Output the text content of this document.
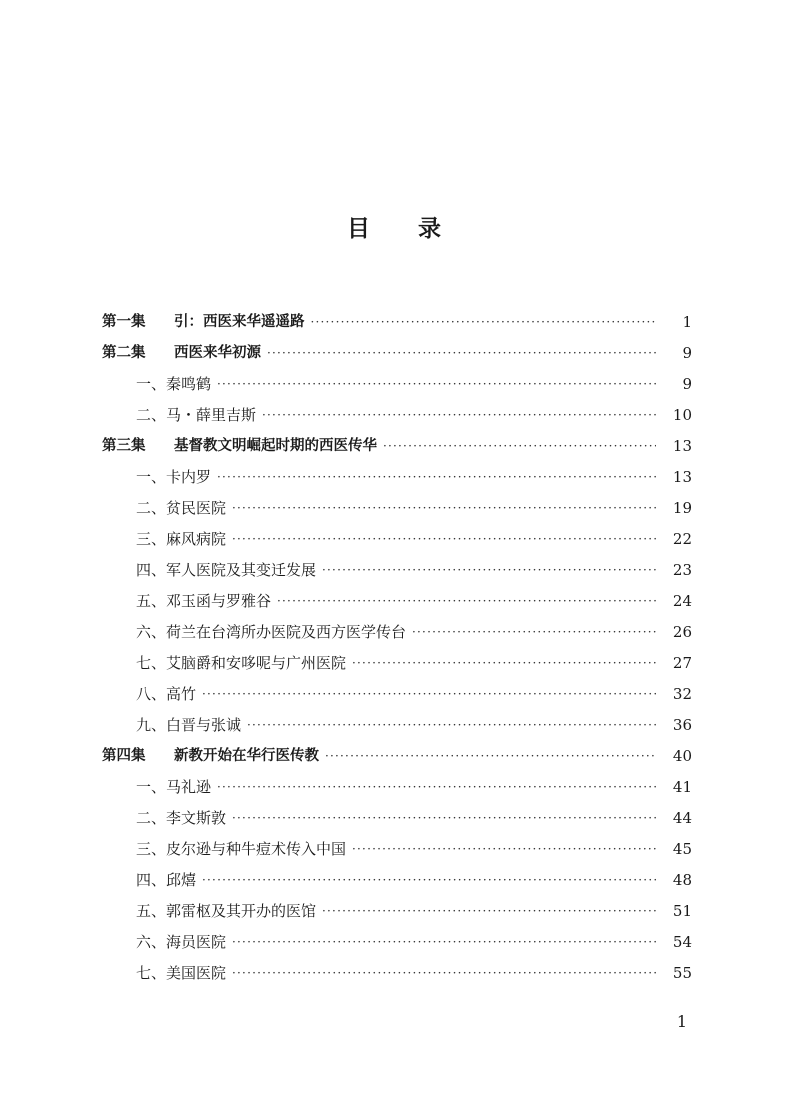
目 录
第一集 引：西医来华遥遥路 ·····	1
第二集 西医来华初源 ·····	9
一、秦鸣鹤 ·····	9
二、马・薛里吉斯 ·····	10
第三集 基督教文明崛起时期的西医传华 ·····	13
一、卡内罗 ·····	13
二、贫民医院 ·····	19
三、麻风病院 ·····	22
四、军人医院及其变迁发展 ·····	23
五、邓玉函与罗雅谷 ·····	24
六、荷兰在台湾所办医院及西方医学传台 ·····	26
七、艾脑爵和安哆呢与广州医院 ·····	27
八、高竹 ·····	32
九、白晋与张诚 ·····	36
第四集 新教开始在华行医传教 ·····	40
一、马礼逊 ·····	41
二、李文斯敦 ·····	44
三、皮尔逊与种牛痘术传入中国 ·····	45
四、邱熺 ·····	48
五、郭雷枢及其开办的医馆 ·····	51
六、海员医院 ·····	54
七、美国医院 ·····	55
1
